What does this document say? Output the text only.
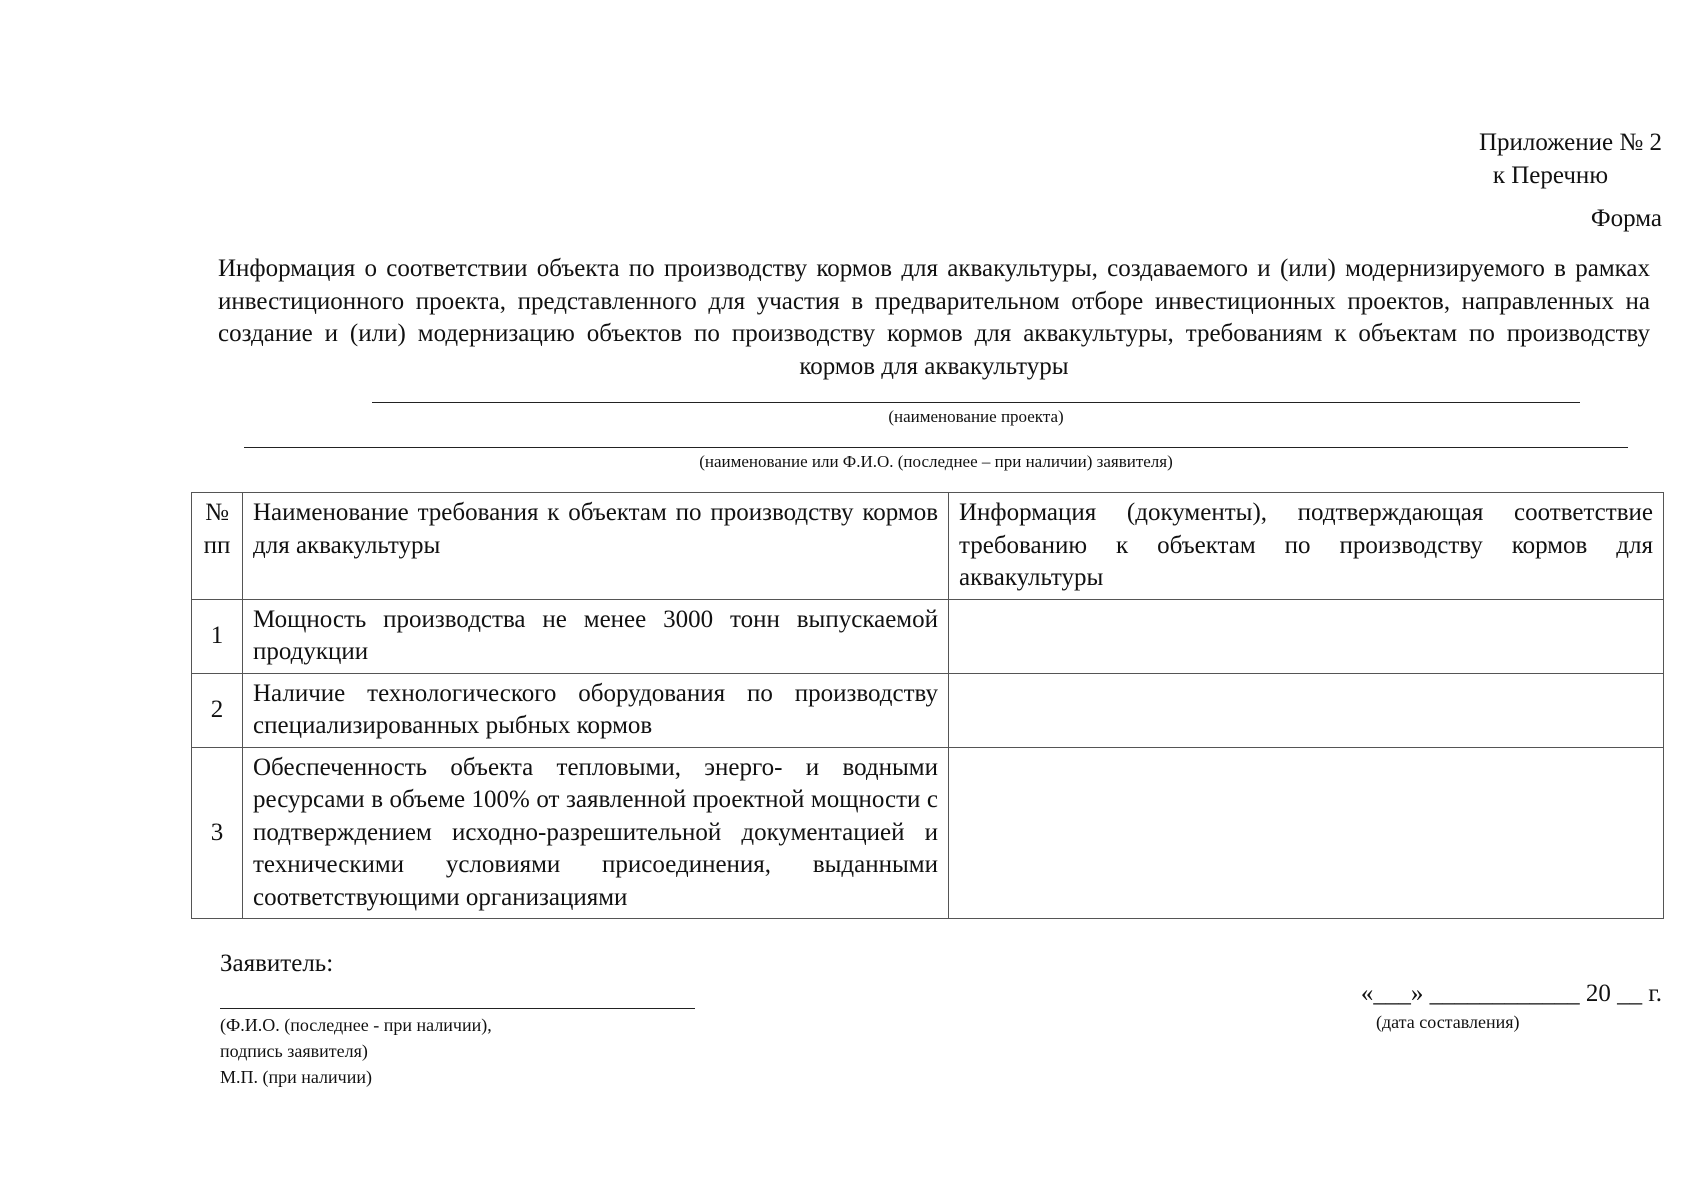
Приложение № 2
к Перечню
Форма
Информация о соответствии объекта по производству кормов для аквакультуры, создаваемого и (или) модернизируемого в рамках инвестиционного проекта, представленного для участия в предварительном отборе инвестиционных проектов, направленных на создание и (или) модернизацию объектов по производству кормов для аквакультуры, требованиям к объектам по производству кормов для аквакультуры
(наименование проекта)
(наименование или Ф.И.О. (последнее – при наличии) заявителя)
№ пп	Наименование требования к объектам по производству кормов для аквакультуры	Информация (документы), подтверждающая соответствие требованию к объектам по производству кормов для аквакультуры
1	Мощность производства не менее 3000 тонн выпускаемой продукции	
2	Наличие технологического оборудования по производству специализированных рыбных кормов	
3	Обеспеченность объекта тепловыми, энерго- и водными ресурсами в объеме 100% от заявленной проектной мощности с подтверждением исходно-разрешительной документацией и техническими условиями присоединения, выданными соответствующими организациями	
Заявитель:
(Ф.И.О. (последнее - при наличии),
подпись заявителя)
М.П. (при наличии)
«___» ____________ 20 __ г.
(дата составления)
